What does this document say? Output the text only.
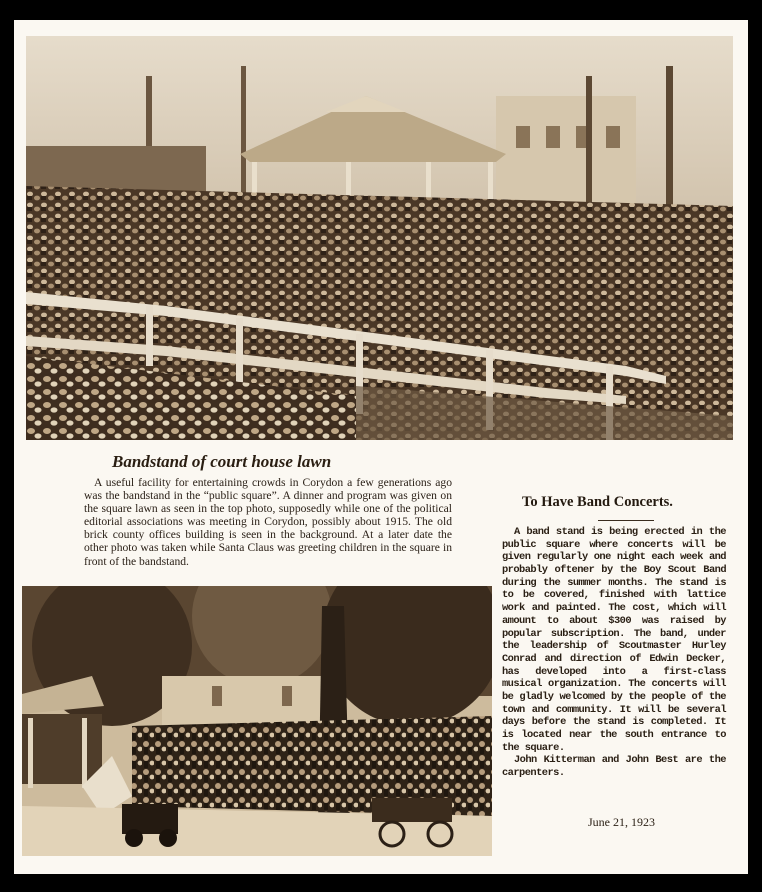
Bandstand of court house lawn

A useful facility for entertaining crowds in Corydon a few generations ago was the bandstand in the “public square”. A dinner and program was given on the square lawn as seen in the top photo, supposedly while one of the political editorial associations was meeting in Corydon, possibly about 1915. The old brick county offices building is seen in the background. At a later date the other photo was taken while Santa Claus was greeting children in the square in front of the bandstand.

To Have Band Concerts.

A band stand is being erected in the public square where concerts will be given regularly one night each week and probably oftener by the Boy Scout Band during the summer months. The stand is to be covered, finished with lattice work and painted. The cost, which will amount to about $300 was raised by popular subscription. The band, under the leadership of Scoutmaster Hurley Conrad and direction of Edwin Decker, has developed into a first-class musical organization. The concerts will be gladly welcomed by the people of the town and community. It will be several days before the stand is completed. It is located near the south entrance to the square.

John Kitterman and John Best are the carpenters.

June 21, 1923
